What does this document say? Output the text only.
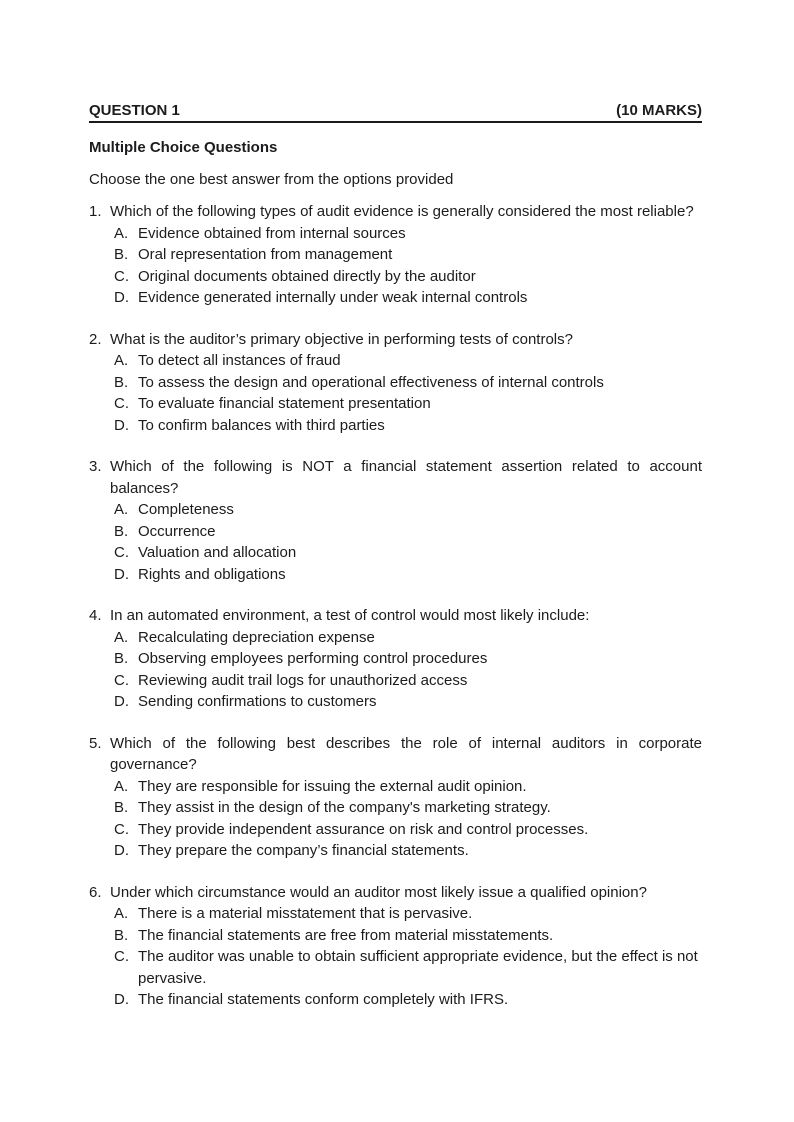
QUESTION 1	(10 MARKS)
Multiple Choice Questions
Choose the one best answer from the options provided
1. Which of the following types of audit evidence is generally considered the most reliable?
A. Evidence obtained from internal sources
B. Oral representation from management
C. Original documents obtained directly by the auditor
D. Evidence generated internally under weak internal controls
2. What is the auditor’s primary objective in performing tests of controls?
A. To detect all instances of fraud
B. To assess the design and operational effectiveness of internal controls
C. To evaluate financial statement presentation
D. To confirm balances with third parties
3. Which of the following is NOT a financial statement assertion related to account balances?
A. Completeness
B. Occurrence
C. Valuation and allocation
D. Rights and obligations
4. In an automated environment, a test of control would most likely include:
A. Recalculating depreciation expense
B. Observing employees performing control procedures
C. Reviewing audit trail logs for unauthorized access
D. Sending confirmations to customers
5. Which of the following best describes the role of internal auditors in corporate governance?
A. They are responsible for issuing the external audit opinion.
B. They assist in the design of the company's marketing strategy.
C. They provide independent assurance on risk and control processes.
D. They prepare the company’s financial statements.
6. Under which circumstance would an auditor most likely issue a qualified opinion?
A. There is a material misstatement that is pervasive.
B. The financial statements are free from material misstatements.
C. The auditor was unable to obtain sufficient appropriate evidence, but the effect is not pervasive.
D. The financial statements conform completely with IFRS.
